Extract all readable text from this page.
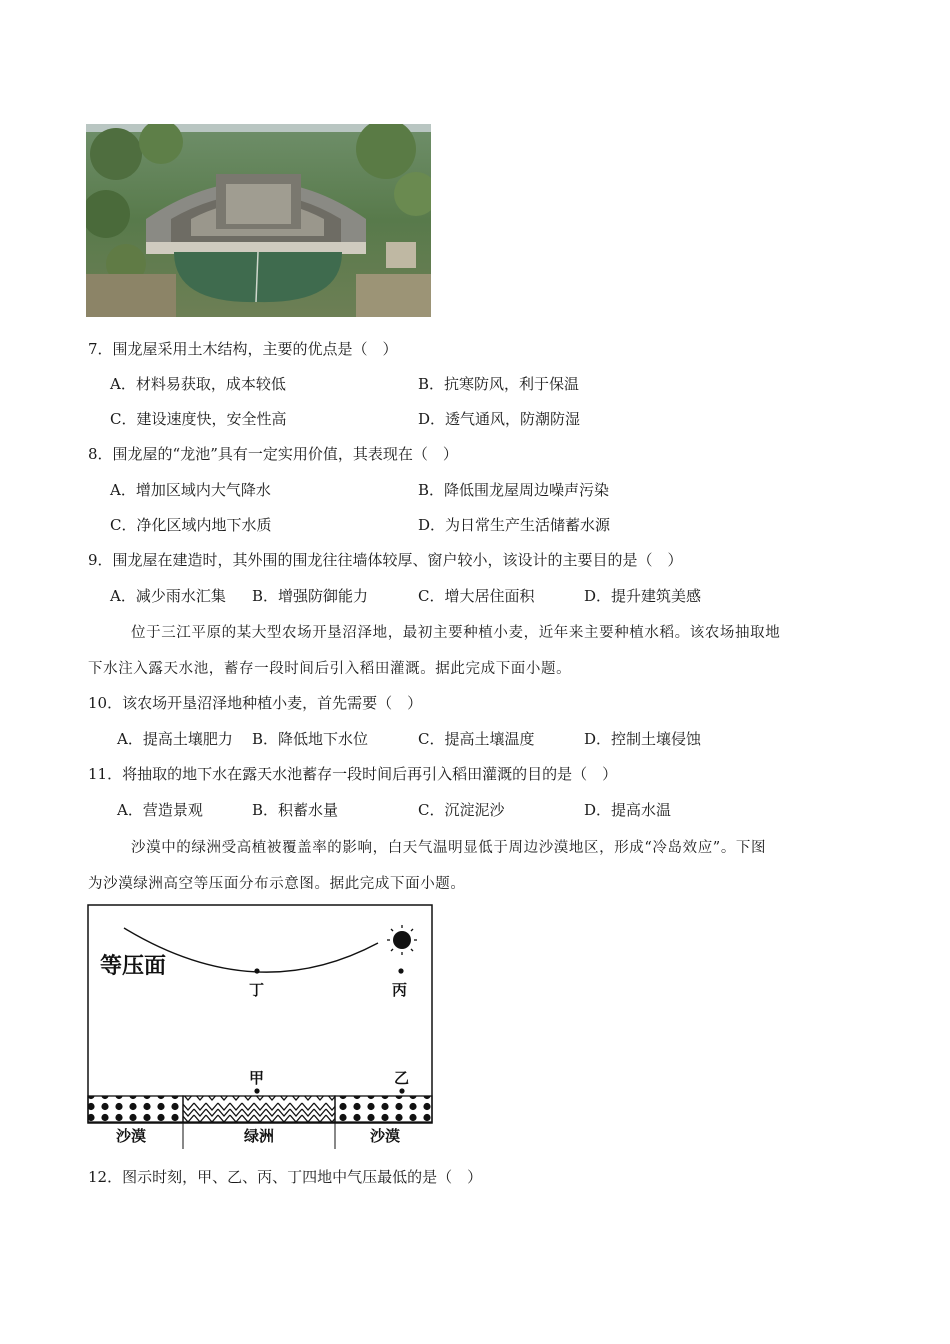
7．围龙屋采用土木结构，主要的优点是（　）
A．材料易获取，成本较低	B．抗寒防风，利于保温
C．建设速度快，安全性高	D．透气通风，防潮防湿
8．围龙屋的“龙池”具有一定实用价值，其表现在（　）
A．增加区域内大气降水	B．降低围龙屋周边噪声污染
C．净化区域内地下水质	D．为日常生产生活储蓄水源
9．围龙屋在建造时，其外围的围龙往往墙体较厚、窗户较小，该设计的主要目的是（　）
A．减少雨水汇集 B．增强防御能力	C．增大居住面积	D．提升建筑美感
位于三江平原的某大型农场开垦沼泽地，最初主要种植小麦，近年来主要种植水稻。该农场抽取地
下水注入露天水池，蓄存一段时间后引入稻田灌溉。据此完成下面小题。
10．该农场开垦沼泽地种植小麦，首先需要（　）
A．提高土壤肥力 B．降低地下水位	C．提高土壤温度	D．控制土壤侵蚀
11．将抽取的地下水在露天水池蓄存一段时间后再引入稻田灌溉的目的是（　）
A．营造景观	B．积蓄水量	C．沉淀泥沙	D．提高水温
沙漠中的绿洲受高植被覆盖率的影响，白天气温明显低于周边沙漠地区，形成“冷岛效应”。下图
为沙漠绿洲高空等压面分布示意图。据此完成下面小题。
等压面
丁	丙
甲	乙
沙漠	绿洲	沙漠
12．图示时刻，甲、乙、丙、丁四地中气压最低的是（　）
